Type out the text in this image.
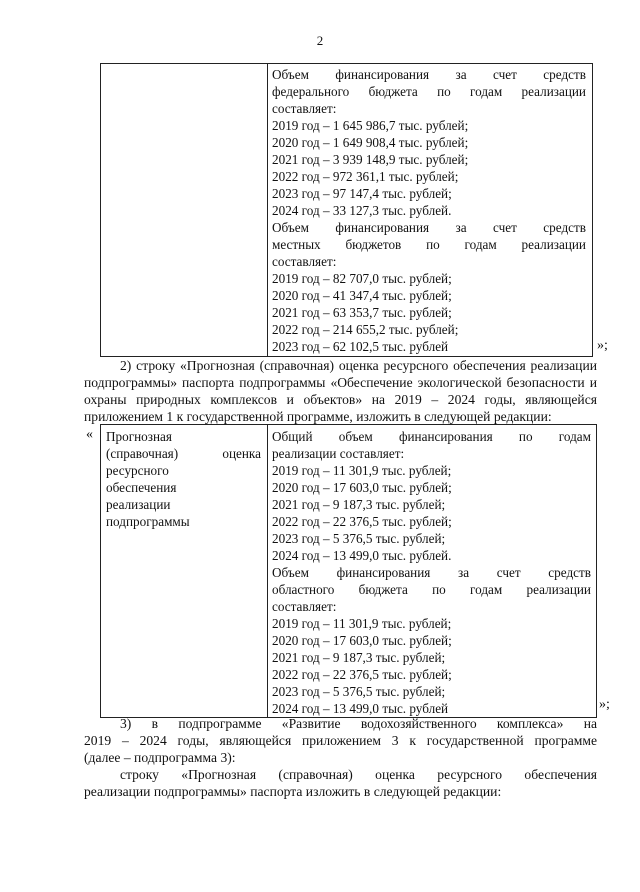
2
Объем финансирования за счет средств
федерального бюджета по годам реализации
составляет:
2019 год – 1 645 986,7 тыс. рублей;
2020 год – 1 649 908,4 тыс. рублей;
2021 год – 3 939 148,9 тыс. рублей;
2022 год – 972 361,1 тыс. рублей;
2023 год – 97 147,4 тыс. рублей;
2024 год – 33 127,3 тыс. рублей.
Объем финансирования за счет средств
местных бюджетов по годам реализации
составляет:
2019 год – 82 707,0 тыс. рублей;
2020 год – 41 347,4 тыс. рублей;
2021 год – 63 353,7 тыс. рублей;
2022 год – 214 655,2 тыс. рублей;
2023 год – 62 102,5 тыс. рублей	»;
2) строку «Прогнозная (справочная) оценка ресурсного обеспечения реализации
подпрограммы» паспорта подпрограммы «Обеспечение экологической безопасности и
охраны природных комплексов и объектов» на 2019 – 2024 годы, являющейся
приложением 1 к государственной программе, изложить в следующей редакции:
« Прогнозная
(справочная) оценка
ресурсного
обеспечения
реализации
подпрограммы
Общий объем финансирования по годам
реализации составляет:
2019 год – 11 301,9 тыс. рублей;
2020 год – 17 603,0 тыс. рублей;
2021 год – 9 187,3 тыс. рублей;
2022 год – 22 376,5 тыс. рублей;
2023 год – 5 376,5 тыс. рублей;
2024 год – 13 499,0 тыс. рублей.
Объем финансирования за счет средств
областного бюджета по годам реализации
составляет:
2019 год – 11 301,9 тыс. рублей;
2020 год – 17 603,0 тыс. рублей;
2021 год – 9 187,3 тыс. рублей;
2022 год – 22 376,5 тыс. рублей;
2023 год – 5 376,5 тыс. рублей;
2024 год – 13 499,0 тыс. рублей	»;
3) в подпрограмме «Развитие водохозяйственного комплекса» на
2019 – 2024 годы, являющейся приложением 3 к государственной программе
(далее – подпрограмма 3):
строку «Прогнозная (справочная) оценка ресурсного обеспечения
реализации подпрограммы» паспорта изложить в следующей редакции:
